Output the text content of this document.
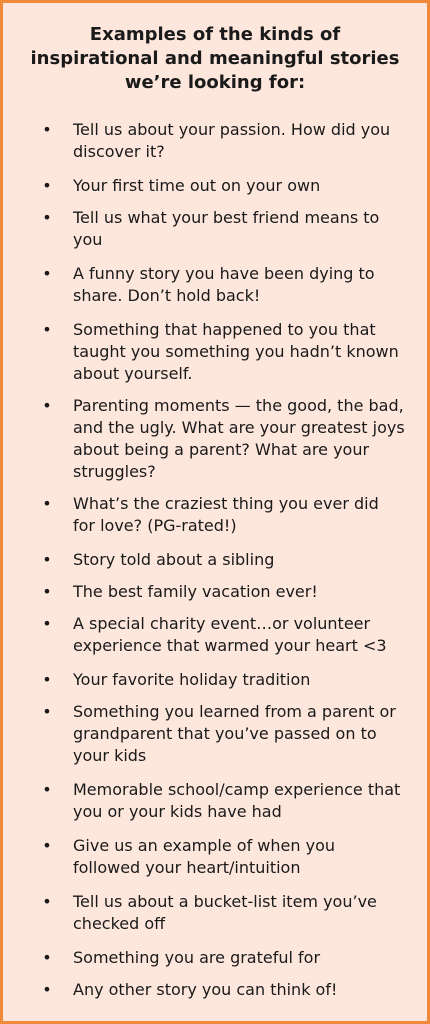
Examples of the kinds of
inspirational and meaningful stories
we’re looking for:
• Tell us about your passion. How did you discover it?
• Your first time out on your own
• Tell us what your best friend means to you
• A funny story you have been dying to share. Don’t hold back!
• Something that happened to you that taught you something you hadn’t known about yourself.
• Parenting moments — the good, the bad, and the ugly. What are your greatest joys about being a parent? What are your struggles?
• What’s the craziest thing you ever did for love? (PG-rated!)
• Story told about a sibling
• The best family vacation ever!
• A special charity event…or volunteer experience that warmed your heart <3
• Your favorite holiday tradition
• Something you learned from a parent or grandparent that you’ve passed on to your kids
• Memorable school/camp experience that you or your kids have had
• Give us an example of when you followed your heart/intuition
• Tell us about a bucket-list item you’ve checked off
• Something you are grateful for
• Any other story you can think of!
